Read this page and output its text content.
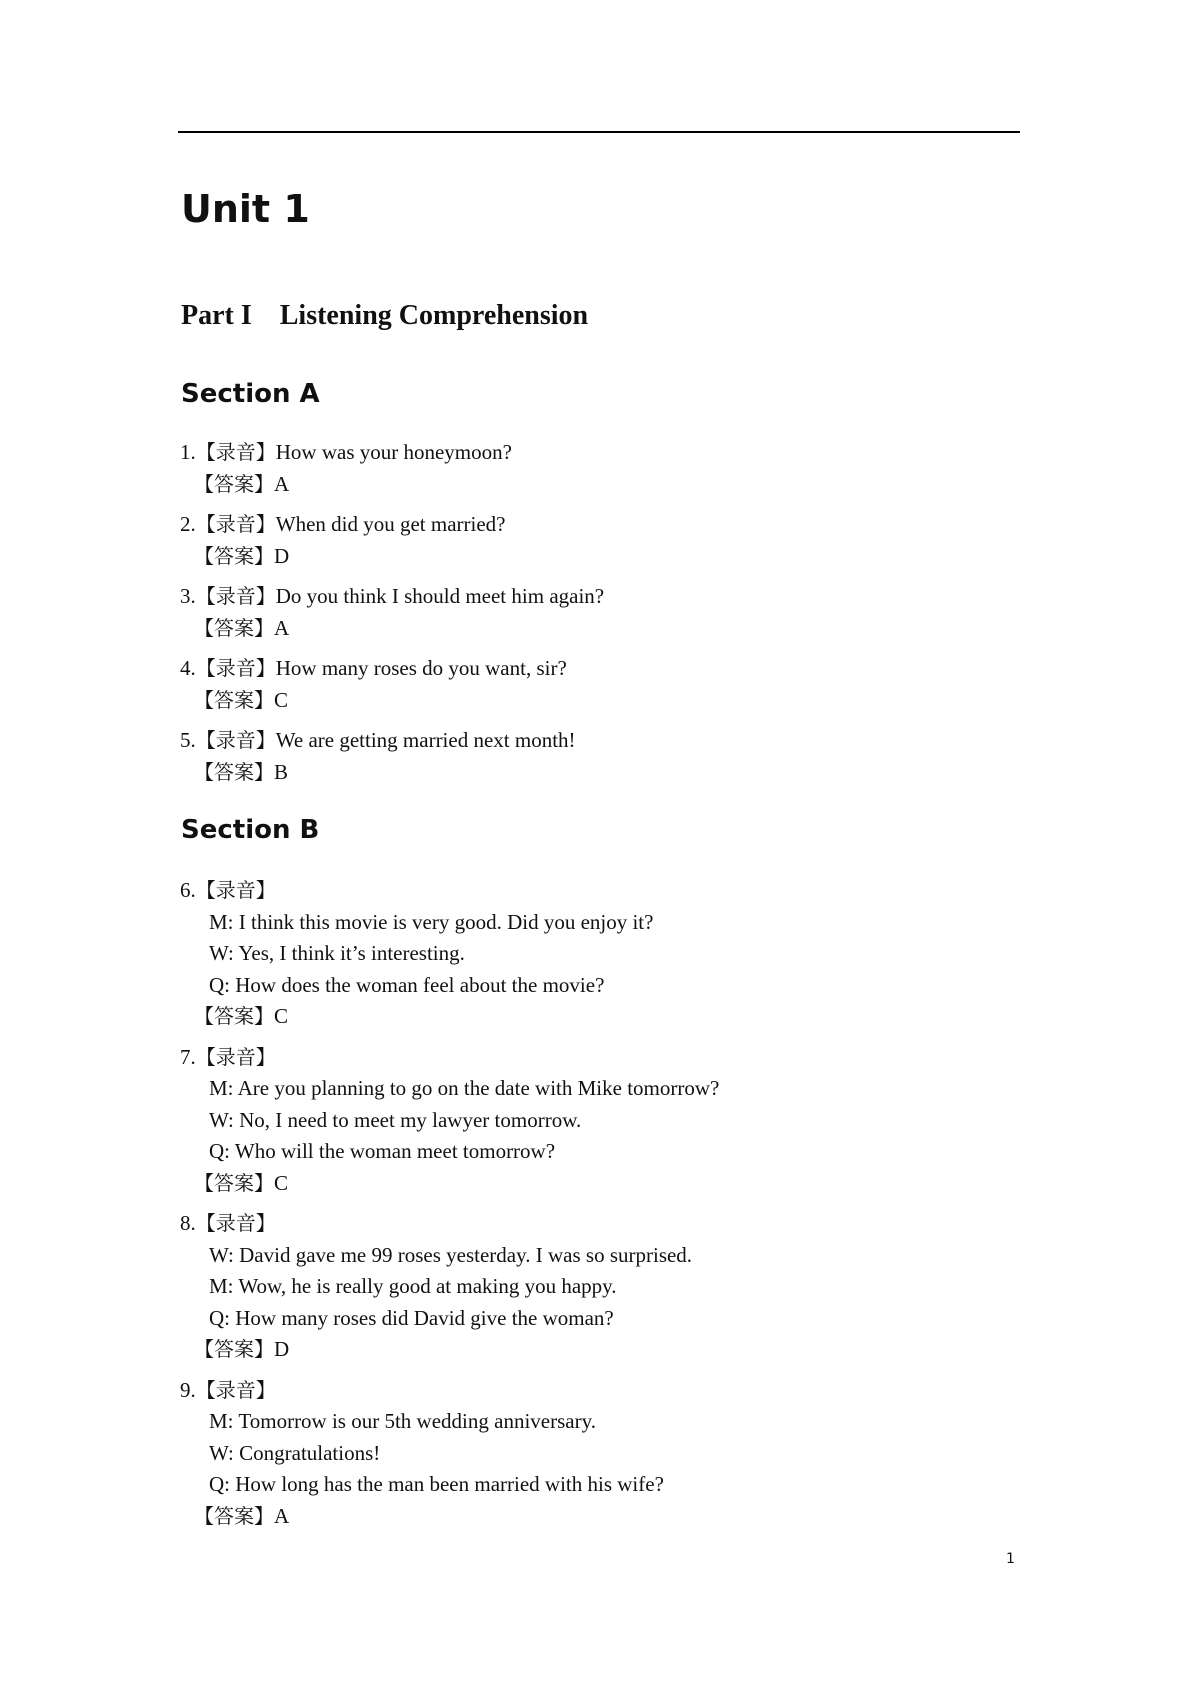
Unit 1
Part I    Listening Comprehension
Section A
1.【录音】How was your honeymoon?
【答案】A
2.【录音】When did you get married?
【答案】D
3.【录音】Do you think I should meet him again?
【答案】A
4.【录音】How many roses do you want, sir?
【答案】C
5.【录音】We are getting married next month!
【答案】B
Section B
6.【录音】
M: I think this movie is very good. Did you enjoy it?
W: Yes, I think it’s interesting.
Q: How does the woman feel about the movie?
【答案】C
7.【录音】
M: Are you planning to go on the date with Mike tomorrow?
W: No, I need to meet my lawyer tomorrow.
Q: Who will the woman meet tomorrow?
【答案】C
8.【录音】
W: David gave me 99 roses yesterday. I was so surprised.
M: Wow, he is really good at making you happy.
Q: How many roses did David give the woman?
【答案】D
9.【录音】
M: Tomorrow is our 5th wedding anniversary.
W: Congratulations!
Q: How long has the man been married with his wife?
【答案】A
1
